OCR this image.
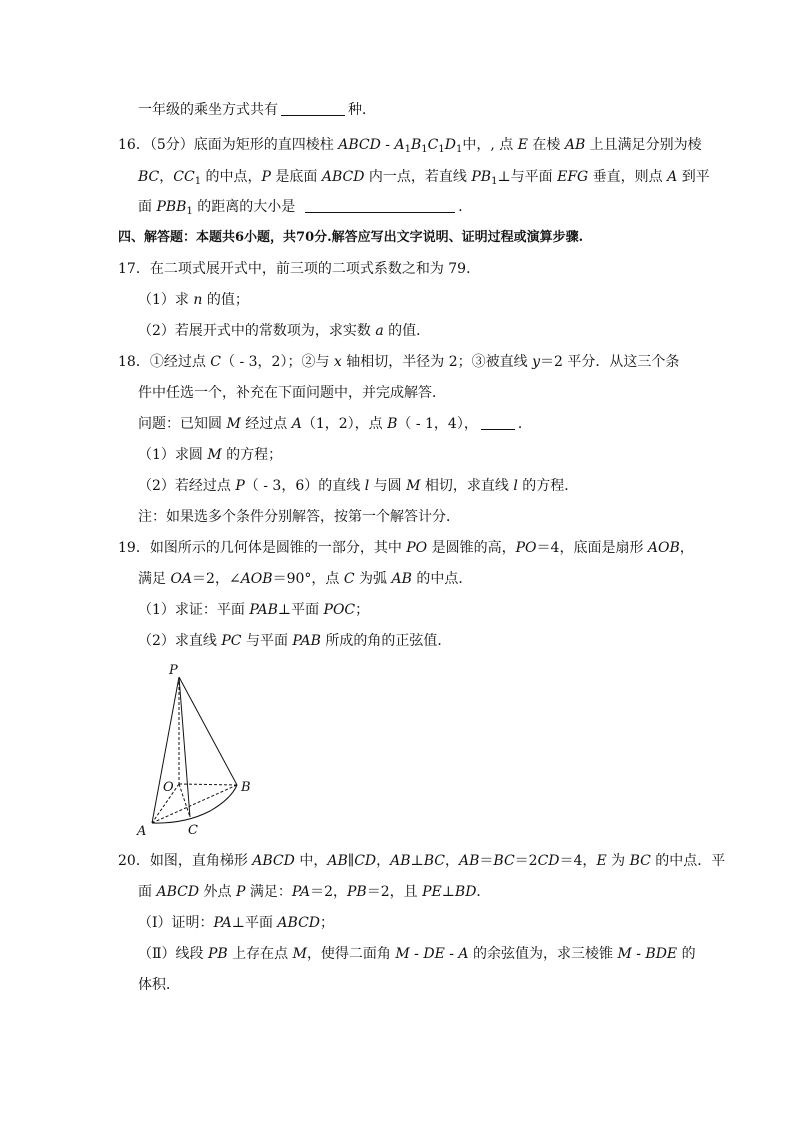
一年级的乘坐方式共有	种．
16．（5分）底面为矩形的直四棱柱 ABCD - $A_1B_1C_1D_1$中，, 点 E 在棱 AB 上且满足分别为棱
BC，$CC_1$ 的中点，P 是底面 ABCD 内一点，若直线 $PB_1\perp$与平面 EFG 垂直，则点 A 到平
面 $PBB_1$ 的距离的大小是	．
四、解答题：本题共6小题，共70分.解答应写出文字说明、证明过程或演算步骤.
17．在二项式展开式中，前三项的二项式系数之和为 79．
（1）求 n 的值；
（2）若展开式中的常数项为，求实数 a 的值．
18．①经过点 C（ - 3，2）；②与 x 轴相切，半径为 2；③被直线 y＝2 平分．从这三个条
件中任选一个，补充在下面问题中，并完成解答．
问题：已知圆 M 经过点 A（1，2），点 B（ - 1，4），	．
（1）求圆 M 的方程；
（2）若经过点 P（ - 3，6）的直线 l 与圆 M 相切，求直线 l 的方程．
注：如果选多个条件分别解答，按第一个解答计分．
19．如图所示的几何体是圆锥的一部分，其中 PO 是圆锥的高，PO＝4，底面是扇形 AOB，
满足 OA＝2，∠AOB＝90°，点 C 为弧 AB 的中点．
（1）求证：平面 PAB⊥平面 POC；
（2）求直线 PC 与平面 PAB 所成的角的正弦值．
P
O	B
A	C
20．如图，直角梯形 ABCD 中，AB∥CD，AB⊥BC，AB＝BC＝2CD＝4，E 为 BC 的中点．平
面 ABCD 外点 P 满足：PA＝2，PB＝2，且 PE⊥BD．
（Ⅰ）证明：PA⊥平面 ABCD；
（Ⅱ）线段 PB 上存在点 M，使得二面角 M - DE - A 的余弦值为，求三棱锥 M - BDE 的
体积．
